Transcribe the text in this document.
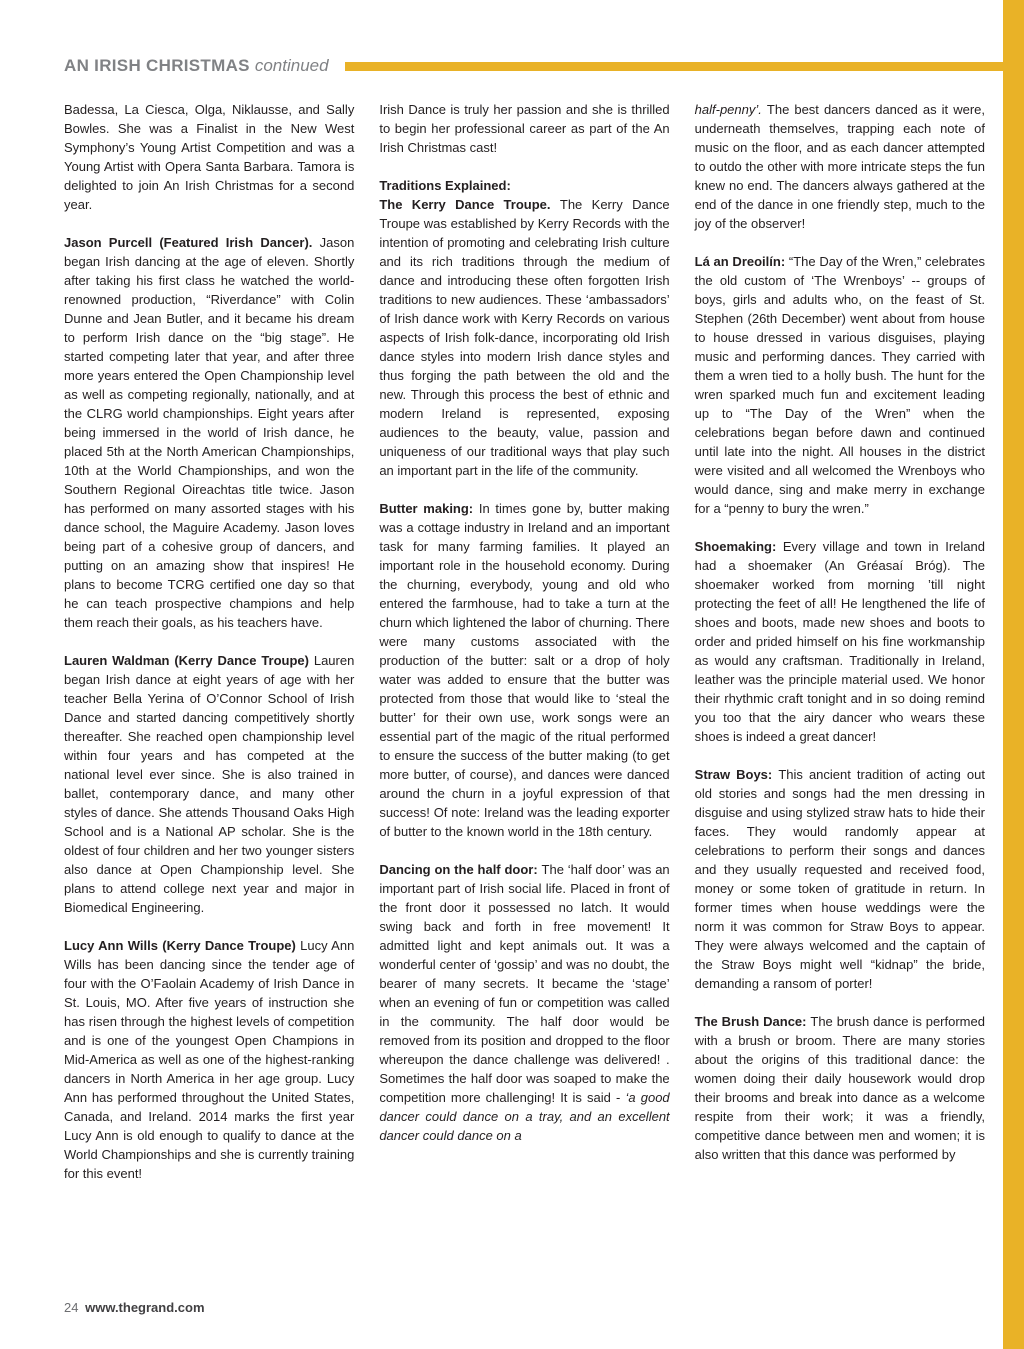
AN IRISH CHRISTMAS continued

Badessa, La Ciesca, Olga, Niklausse, and Sally Bowles. She was a Finalist in the New West Symphony’s Young Artist Competition and was a Young Artist with Opera Santa Barbara. Tamora is delighted to join An Irish Christmas for a second year.

Jason Purcell (Featured Irish Dancer). Jason began Irish dancing at the age of eleven. Shortly after taking his first class he watched the world-renowned production, “Riverdance” with Colin Dunne and Jean Butler, and it became his dream to perform Irish dance on the “big stage”. He started competing later that year, and after three more years entered the Open Championship level as well as competing regionally, nationally, and at the CLRG world championships. Eight years after being immersed in the world of Irish dance, he placed 5th at the North American Championships, 10th at the World Championships, and won the Southern Regional Oireachtas title twice. Jason has performed on many assorted stages with his dance school, the Maguire Academy. Jason loves being part of a cohesive group of dancers, and putting on an amazing show that inspires! He plans to become TCRG certified one day so that he can teach prospective champions and help them reach their goals, as his teachers have.

Lauren Waldman (Kerry Dance Troupe) Lauren began Irish dance at eight years of age with her teacher Bella Yerina of O’Connor School of Irish Dance and started dancing competitively shortly thereafter. She reached open championship level within four years and has competed at the national level ever since. She is also trained in ballet, contemporary dance, and many other styles of dance. She attends Thousand Oaks High School and is a National AP scholar. She is the oldest of four children and her two younger sisters also dance at Open Championship level. She plans to attend college next year and major in Biomedical Engineering.

Lucy Ann Wills (Kerry Dance Troupe) Lucy Ann Wills has been dancing since the tender age of four with the O’Faolain Academy of Irish Dance in St. Louis, MO. After five years of instruction she has risen through the highest levels of competition and is one of the youngest Open Champions in Mid-America as well as one of the highest-ranking dancers in North America in her age group. Lucy Ann has performed throughout the United States, Canada, and Ireland. 2014 marks the first year Lucy Ann is old enough to qualify to dance at the World Championships and she is currently training for this event!

Irish Dance is truly her passion and she is thrilled to begin her professional career as part of the An Irish Christmas cast!

Traditions Explained:
The Kerry Dance Troupe. The Kerry Dance Troupe was established by Kerry Records with the intention of promoting and celebrating Irish culture and its rich traditions through the medium of dance and introducing these often forgotten Irish traditions to new audiences. These ‘ambassadors’ of Irish dance work with Kerry Records on various aspects of Irish folk-dance, incorporating old Irish dance styles into modern Irish dance styles and thus forging the path between the old and the new. Through this process the best of ethnic and modern Ireland is represented, exposing audiences to the beauty, value, passion and uniqueness of our traditional ways that play such an important part in the life of the community.

Butter making: In times gone by, butter making was a cottage industry in Ireland and an important task for many farming families. It played an important role in the household economy. During the churning, everybody, young and old who entered the farmhouse, had to take a turn at the churn which lightened the labor of churning. There were many customs associated with the production of the butter: salt or a drop of holy water was added to ensure that the butter was protected from those that would like to ‘steal the butter’ for their own use, work songs were an essential part of the magic of the ritual performed to ensure the success of the butter making (to get more butter, of course), and dances were danced around the churn in a joyful expression of that success! Of note: Ireland was the leading exporter of butter to the known world in the 18th century.

Dancing on the half door: The ‘half door’ was an important part of Irish social life. Placed in front of the front door it possessed no latch. It would swing back and forth in free movement! It admitted light and kept animals out. It was a wonderful center of ‘gossip’ and was no doubt, the bearer of many secrets. It became the ‘stage’ when an evening of fun or competition was called in the community. The half door would be removed from its position and dropped to the floor whereupon the dance challenge was delivered! . Sometimes the half door was soaped to make the competition more challenging! It is said - ‘a good dancer could dance on a tray, and an excellent dancer could dance on a

half-penny’. The best dancers danced as it were, underneath themselves, trapping each note of music on the floor, and as each dancer attempted to outdo the other with more intricate steps the fun knew no end. The dancers always gathered at the end of the dance in one friendly step, much to the joy of the observer!

Lá an Dreoilín: “The Day of the Wren,” celebrates the old custom of ‘The Wrenboys’ -- groups of boys, girls and adults who, on the feast of St. Stephen (26th December) went about from house to house dressed in various disguises, playing music and performing dances. They carried with them a wren tied to a holly bush. The hunt for the wren sparked much fun and excitement leading up to “The Day of the Wren” when the celebrations began before dawn and continued until late into the night. All houses in the district were visited and all welcomed the Wrenboys who would dance, sing and make merry in exchange for a “penny to bury the wren.”

Shoemaking: Every village and town in Ireland had a shoemaker (An Gréasaí Bróg). The shoemaker worked from morning ’till night protecting the feet of all! He lengthened the life of shoes and boots, made new shoes and boots to order and prided himself on his fine workmanship as would any craftsman. Traditionally in Ireland, leather was the principle material used. We honor their rhythmic craft tonight and in so doing remind you too that the airy dancer who wears these shoes is indeed a great dancer!

Straw Boys: This ancient tradition of acting out old stories and songs had the men dressing in disguise and using stylized straw hats to hide their faces. They would randomly appear at celebrations to perform their songs and dances and they usually requested and received food, money or some token of gratitude in return. In former times when house weddings were the norm it was common for Straw Boys to appear. They were always welcomed and the captain of the Straw Boys might well “kidnap” the bride, demanding a ransom of porter!

The Brush Dance: The brush dance is performed with a brush or broom. There are many stories about the origins of this traditional dance: the women doing their daily housework would drop their brooms and break into dance as a welcome respite from their work; it was a friendly, competitive dance between men and women; it is also written that this dance was performed by

24 www.thegrand.com
